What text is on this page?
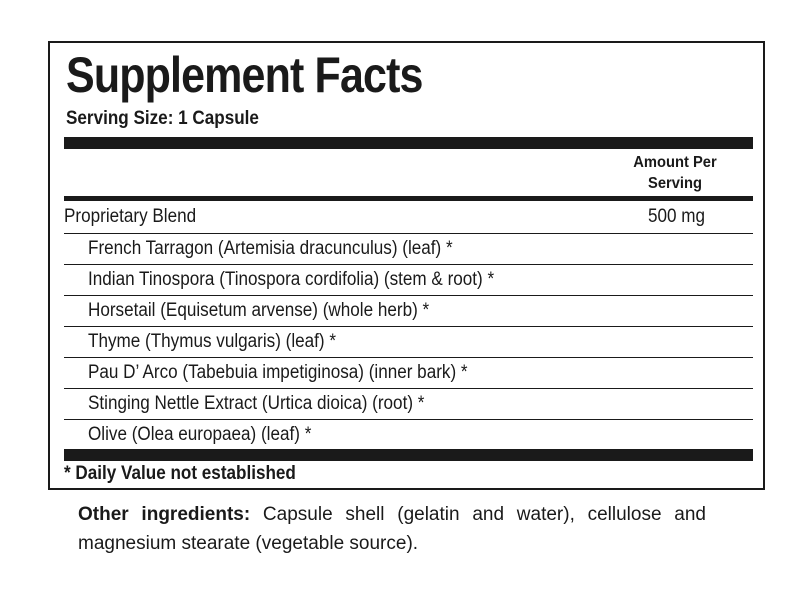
Supplement Facts
Serving Size: 1 Capsule
Amount Per
Serving
Proprietary Blend	500 mg
French Tarragon (Artemisia dracunculus) (leaf) *
Indian Tinospora (Tinospora cordifolia) (stem & root) *
Horsetail (Equisetum arvense) (whole herb) *
Thyme (Thymus vulgaris) (leaf) *
Pau D’ Arco (Tabebuia impetiginosa) (inner bark) *
Stinging Nettle Extract (Urtica dioica) (root) *
Olive (Olea europaea) (leaf) *
* Daily Value not established
Other ingredients: Capsule shell (gelatin and water), cellulose and magnesium stearate (vegetable source).
